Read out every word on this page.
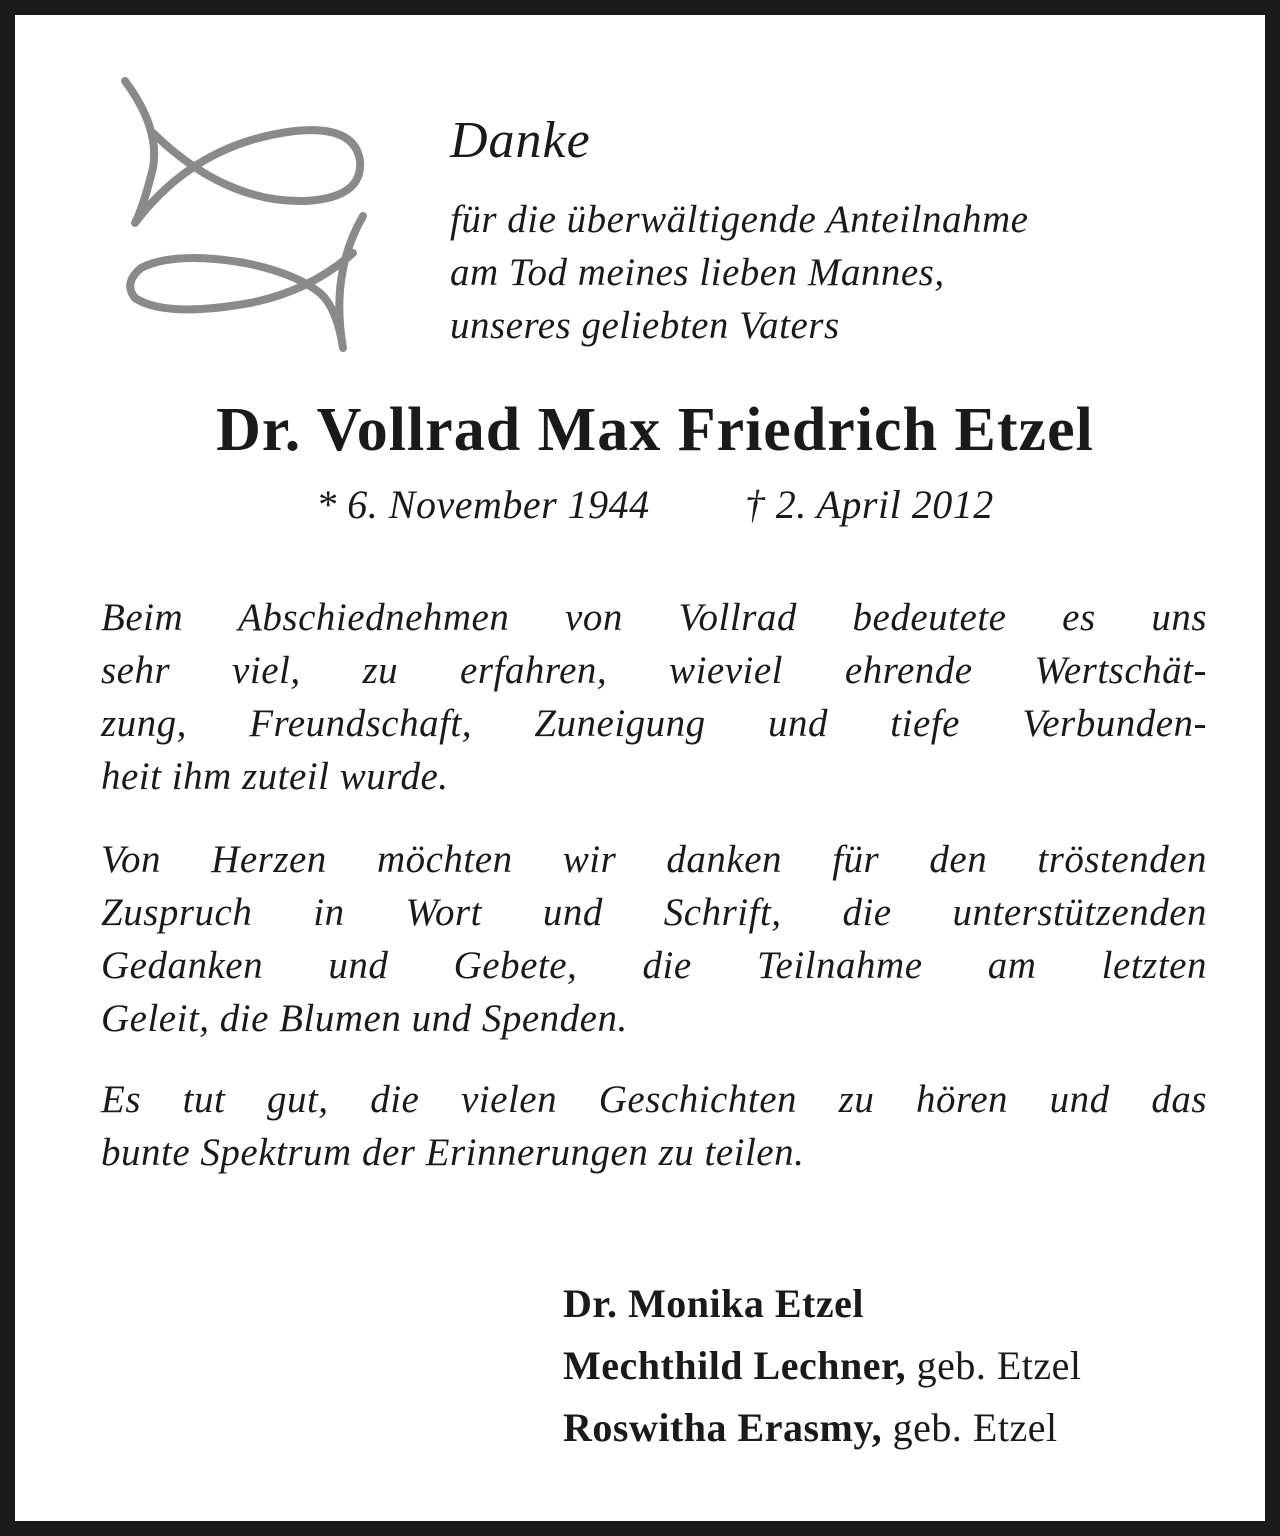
Danke
für die überwältigende Anteilnahme
am Tod meines lieben Mannes,
unseres geliebten Vaters
Dr. Vollrad Max Friedrich Etzel
* 6. November 1944 † 2. April 2012
Beim Abschiednehmen von Vollrad bedeutete es uns
sehr viel, zu erfahren, wieviel ehrende Wertschät-
zung, Freundschaft, Zuneigung und tiefe Verbunden-
heit ihm zuteil wurde.
Von Herzen möchten wir danken für den tröstenden
Zuspruch in Wort und Schrift, die unterstützenden
Gedanken und Gebete, die Teilnahme am letzten
Geleit, die Blumen und Spenden.
Es tut gut, die vielen Geschichten zu hören und das
bunte Spektrum der Erinnerungen zu teilen.
Dr. Monika Etzel
Mechthild Lechner, geb. Etzel
Roswitha Erasmy, geb. Etzel
